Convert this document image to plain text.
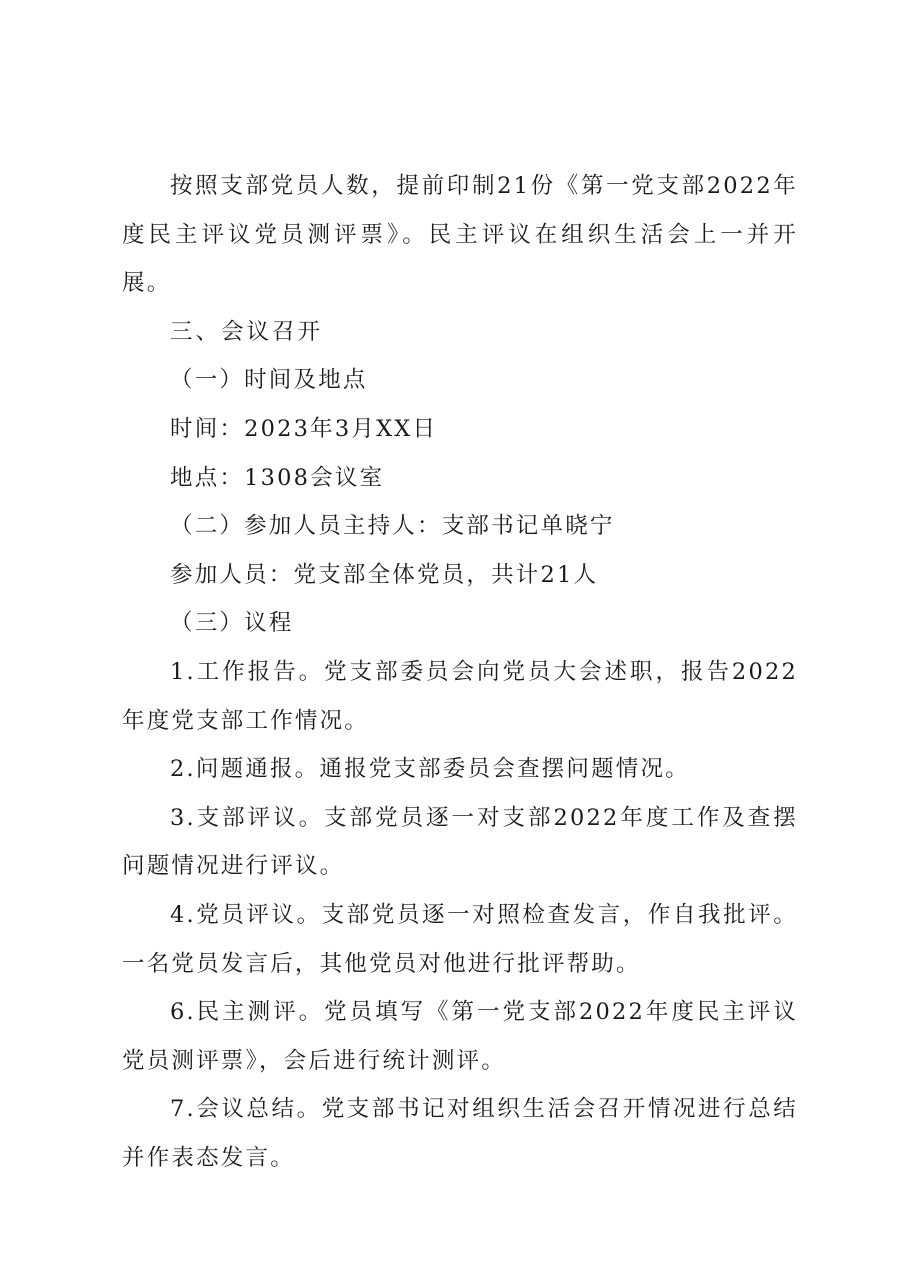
按照支部党员人数，提前印制21份《第一党支部2022年度民主评议党员测评票》。民主评议在组织生活会上一并开展。

三、会议召开

（一）时间及地点

时间：2023年3月XX日

地点：1308会议室

（二）参加人员主持人：支部书记单晓宁

参加人员：党支部全体党员，共计21人

（三）议程

1.工作报告。党支部委员会向党员大会述职，报告2022年度党支部工作情况。

2.问题通报。通报党支部委员会查摆问题情况。

3.支部评议。支部党员逐一对支部2022年度工作及查摆问题情况进行评议。

4.党员评议。支部党员逐一对照检查发言，作自我批评。一名党员发言后，其他党员对他进行批评帮助。

6.民主测评。党员填写《第一党支部2022年度民主评议党员测评票》，会后进行统计测评。

7.会议总结。党支部书记对组织生活会召开情况进行总结并作表态发言。
